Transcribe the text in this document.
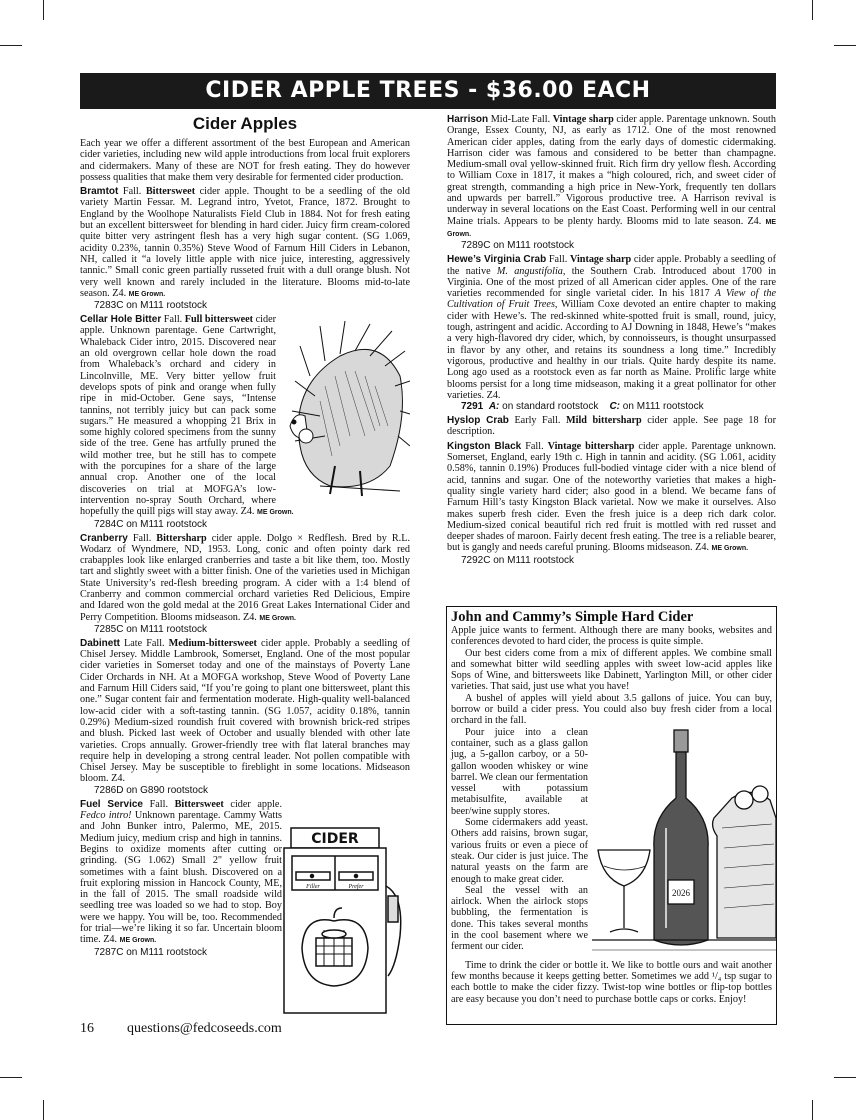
CIDER APPLE TREES - $36.00 EACH
Cider Apples

Each year we offer a different assortment of the best European and American cider varieties, including new wild apple introductions from local fruit explorers and cidermakers. Many of these are NOT for fresh eating. They do however possess qualities that make them very desirable for fermented cider production.

Bramtot Fall. Bittersweet cider apple. Thought to be a seedling of the old variety Martin Fessar. M. Legrand intro, Yvetot, France, 1872. Brought to England by the Woolhope Naturalists Field Club in 1884. Not for fresh eating but an excellent bittersweet for blending in hard cider. Juicy firm cream-colored quite bitter very astringent flesh has a very high sugar content. (SG 1.069, acidity 0.23%, tannin 0.35%) Steve Wood of Farnum Hill Ciders in Lebanon, NH, called it “a lovely little apple with nice juice, interesting, aggressively tannic.” Small conic green partially russeted fruit with a dull orange blush. Not very well known and rarely included in the literature. Blooms mid-to-late season. Z4. ME Grown.
7283C on M111 rootstock

Cellar Hole Bitter Fall. Full bittersweet cider apple. Unknown parentage. Gene Cartwright, Whaleback Cider intro, 2015. Discovered near an old overgrown cellar hole down the road from Whaleback’s orchard and cidery in Lincolnville, ME. Very bitter yellow fruit develops spots of pink and orange when fully ripe in mid-October. Gene says, “Intense tannins, not terribly juicy but can pack some sugars.” He measured a whopping 21 Brix in some highly colored specimens from the sunny side of the tree. Gene has artfully pruned the wild mother tree, but he still has to compete with the porcupines for a share of the large annual crop. Another one of the local discoveries on trial at MOFGA’s low-intervention no-spray South Orchard, where hopefully the quill pigs will stay away. Z4. ME Grown.
7284C on M111 rootstock

Cranberry Fall. Bittersharp cider apple. Dolgo × Redflesh. Bred by R.L. Wodarz of Wyndmere, ND, 1953. Long, conic and often pointy dark red crabapples look like enlarged cranberries and taste a bit like them, too. Mostly tart and slightly sweet with a bitter finish. One of the varieties used in Michigan State University’s red-flesh breeding program. A cider with a 1:4 blend of Cranberry and common commercial orchard varieties Red Delicious, Empire and Idared won the gold medal at the 2016 Great Lakes International Cider and Perry Competition. Blooms midseason. Z4. ME Grown.
7285C on M111 rootstock

Dabinett Late Fall. Medium-bittersweet cider apple. Probably a seedling of Chisel Jersey. Middle Lambrook, Somerset, England. One of the most popular cider varieties in Somerset today and one of the mainstays of Poverty Lane Cider Orchards in NH. At a MOFGA workshop, Steve Wood of Poverty Lane and Farnum Hill Ciders said, “If you’re going to plant one bittersweet, plant this one.” Sugar content fair and fermentation moderate. High-quality well-balanced low-acid cider with a soft-tasting tannin. (SG 1.057, acidity 0.18%, tannin 0.29%) Medium-sized roundish fruit covered with brownish brick-red stripes and blush. Picked last week of October and usually blended with other late varieties. Crops annually. Grower-friendly tree with flat lateral branches may require help in developing a strong central leader. Not pollen compatible with Chisel Jersey. May be susceptible to fireblight in some locations. Midseason bloom. Z4.
7286D on G890 rootstock

Fuel Service Fall. Bittersweet cider apple. Fedco intro! Unknown parentage. Cammy Watts and John Bunker intro, Palermo, ME, 2015. Medium juicy, medium crisp and high in tannins. Begins to oxidize moments after cutting or grinding. (SG 1.062) Small 2" yellow fruit sometimes with a faint blush. Discovered on a fruit exploring mission in Hancock County, ME, in the fall of 2015. The small roadside wild seedling tree was loaded so we had to stop. Boy were we happy. You will be, too. Recommended for trial—we’re liking it so far. Uncertain bloom time. Z4. ME Grown.
7287C on M111 rootstock

CIDER
Filler	Prefer

Harrison Mid-Late Fall. Vintage sharp cider apple. Parentage unknown. South Orange, Essex County, NJ, as early as 1712. One of the most renowned American cider apples, dating from the early days of domestic cidermaking. Harrison cider was famous and considered to be better than champagne. Medium-small oval yellow-skinned fruit. Rich firm dry yellow flesh. According to William Coxe in 1817, it makes a “high coloured, rich, and sweet cider of great strength, commanding a high price in New-York, frequently ten dollars and upwards per barrell.” Vigorous productive tree. A Harrison revival is underway in several locations on the East Coast. Performing well in our central Maine trials. Appears to be plenty hardy. Blooms mid to late season. Z4. ME Grown.
7289C on M111 rootstock

Hewe’s Virginia Crab Fall. Vintage sharp cider apple. Probably a seedling of the native M. angustifolia, the Southern Crab. Introduced about 1700 in Virginia. One of the most prized of all American cider apples. One of the rare varieties recommended for single varietal cider. In his 1817 A View of the Cultivation of Fruit Trees, William Coxe devoted an entire chapter to making cider with Hewe’s. The red-skinned white-spotted fruit is small, round, juicy, tough, astringent and acidic. According to AJ Downing in 1848, Hewe’s “makes a very high-flavored dry cider, which, by connoisseurs, is thought unsurpassed in flavor by any other, and retains its soundness a long time.” Incredibly vigorous, productive and healthy in our trials. Quite hardy despite its name. Long ago used as a rootstock even as far north as Maine. Prolific large white blooms persist for a long time midseason, making it a great pollinator for other varieties. Z4.
7291 A: on standard rootstock C: on M111 rootstock

Hyslop Crab Early Fall. Mild bittersharp cider apple. See page 18 for description.

Kingston Black Fall. Vintage bittersharp cider apple. Parentage unknown. Somerset, England, early 19th c. High in tannin and acidity. (SG 1.061, acidity 0.58%, tannin 0.19%) Produces full-bodied vintage cider with a nice blend of acid, tannins and sugar. One of the noteworthy varieties that makes a high-quality single variety hard cider; also good in a blend. We became fans of Farnum Hill’s tasty Kingston Black varietal. Now we make it ourselves. Also makes superb fresh cider. Even the fresh juice is a deep rich dark color. Medium-sized conical beautiful rich red fruit is mottled with red russet and deeper shades of maroon. Fairly decent fresh eating. The tree is a reliable bearer, but is gangly and needs careful pruning. Blooms midseason. Z4. ME Grown.
7292C on M111 rootstock

John and Cammy’s Simple Hard Cider

Apple juice wants to ferment. Although there are many books, websites and conferences devoted to hard cider, the process is quite simple.

Our best ciders come from a mix of different apples. We combine small and somewhat bitter wild seedling apples with sweet low-acid apples like Sops of Wine, and bittersweets like Dabinett, Yarlington Mill, or other cider varieties. That said, just use what you have!

A bushel of apples will yield about 3.5 gallons of juice. You can buy, borrow or build a cider press. You could also buy fresh cider from a local orchard in the fall.

2026

Pour juice into a clean container, such as a glass gallon jug, a 5-gallon carboy, or a 50-gallon wooden whiskey or wine barrel. We clean our fermentation vessel with potassium metabisulfite, available at beer/wine supply stores.

Some cidermakers add yeast. Others add raisins, brown sugar, various fruits or even a piece of steak. Our cider is just juice. The natural yeasts on the farm are enough to make great cider.

Seal the vessel with an airlock. When the airlock stops bubbling, the fermentation is done. This takes several months in the cool basement where we ferment our cider.

Time to drink the cider or bottle it. We like to bottle ours and wait another few months because it keeps getting better. Sometimes we add ¹/₄ tsp sugar to each bottle to make the cider fizzy. Twist-top wine bottles or flip-top bottles are easy because you don’t need to purchase bottle caps or corks. Enjoy!

16 questions@fedcoseeds.com
